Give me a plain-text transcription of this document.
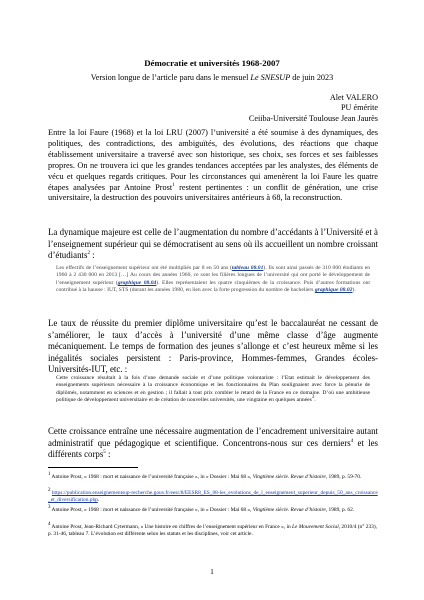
Démocratie et universités 1968-2007
Version longue de l’article paru dans le mensuel Le SNESUP de juin 2023
Alet VALERO
PU émérite
Ceiiba-Université Toulouse Jean Jaurès

Entre la loi Faure (1968) et la loi LRU (2007) l’université a été soumise à des dynamiques, des politiques, des contradictions, des ambiguïtés, des évolutions, des réactions que chaque établissement universitaire a traversé avec son historique, ses choix, ses forces et ses faiblesses propres. On ne trouvera ici que les grandes tendances acceptées par les analystes, des éléments de vécu et quelques regards critiques. Pour les circonstances qui amenèrent la loi Faure les quatre étapes analysées par Antoine Prost$^1$ restent pertinentes : un conflit de génération, une crise universitaire, la destruction des pouvoirs universitaires antérieurs à 68, la reconstruction.

La dynamique majeure est celle de l’augmentation du nombre d’accédants à l’Université et à l’enseignement supérieur qui se démocratisent au sens où ils accueillent un nombre croissant d’étudiants$^2$ :

Les effectifs de l’enseignement supérieur ont été multipliés par 8 en 50 ans (tableau 08.01). Ils sont ainsi passés de 310 000 étudiants en 1960 à 2 430 000 en 2013 […] Au cours des années 1960, ce sont les filières longues de l’université qui ont porté le développement de l’enseignement supérieur (graphique 08.04). Elles représentaient les quatre cinquièmes de la croissance. Puis d’autres formations ont contribué à la hausse : IUT, STS (durant les années 1980, en lien avec la forte progression du nombre de bacheliers graphique 08.02).

Le taux de réussite du premier diplôme universitaire qu’est le baccalauréat ne cessant de s’améliorer, le taux d’accès à l’université d’une même classe d’âge augmente mécaniquement. Le temps de formation des jeunes s’allonge et c’est heureux même si les inégalités sociales persistent : Paris-province, Hommes-femmes, Grandes écoles-Universités-IUT, etc. :

Cette croissance résultait à la fois d’une demande sociale et d’une politique volontariste : l’Etat estimait le développement des enseignements supérieurs nécessaire à la croissance économique et les fonctionnaires du Plan soulignaient avec force la pénurie de diplômés, notamment en sciences et en gestion ; il fallait à tout prix combler le retard de la France en ce domaine. D’où une ambitieuse politique de développement universitaire et de création de nouvelles universités, une vingtaine en quelques années3.

Cette croissance entraîne une nécessaire augmentation de l’encadrement universitaire autant administratif que pédagogique et scientifique. Concentrons-nous sur ces derniers$^4$ et les différents corps$^5$ :

1 Antoine Prost, « 1968 : mort et naissance de l’université française », in « Dossier : Mai 68 », Vingtième siècle. Revue d’histoire, 1989, p. 59-70.
2 https://publication.enseignementsup-recherche.gouv.fr/eesr/8/EESR8_ES_08-les_evolutions_de_l_enseignement_superieur_depuis_50_ans_croissance_et_diversification.php.
3 Antoine Prost, « 1968 : mort et naissance de l’université française », in « Dossier : Mai 68 », Vingtième siècle. Revue d’histoire, 1989, p. 62.
4 Antoine Prost, Jean-Richard Cytermann, « Une histoire en chiffres de l’enseignement supérieur en France », in Le Mouvement Social, 2010/4 (n° 233), p. 31-46, tableau 7. L’évolution est différente selon les statuts et les disciplines, voir cet article.
1
